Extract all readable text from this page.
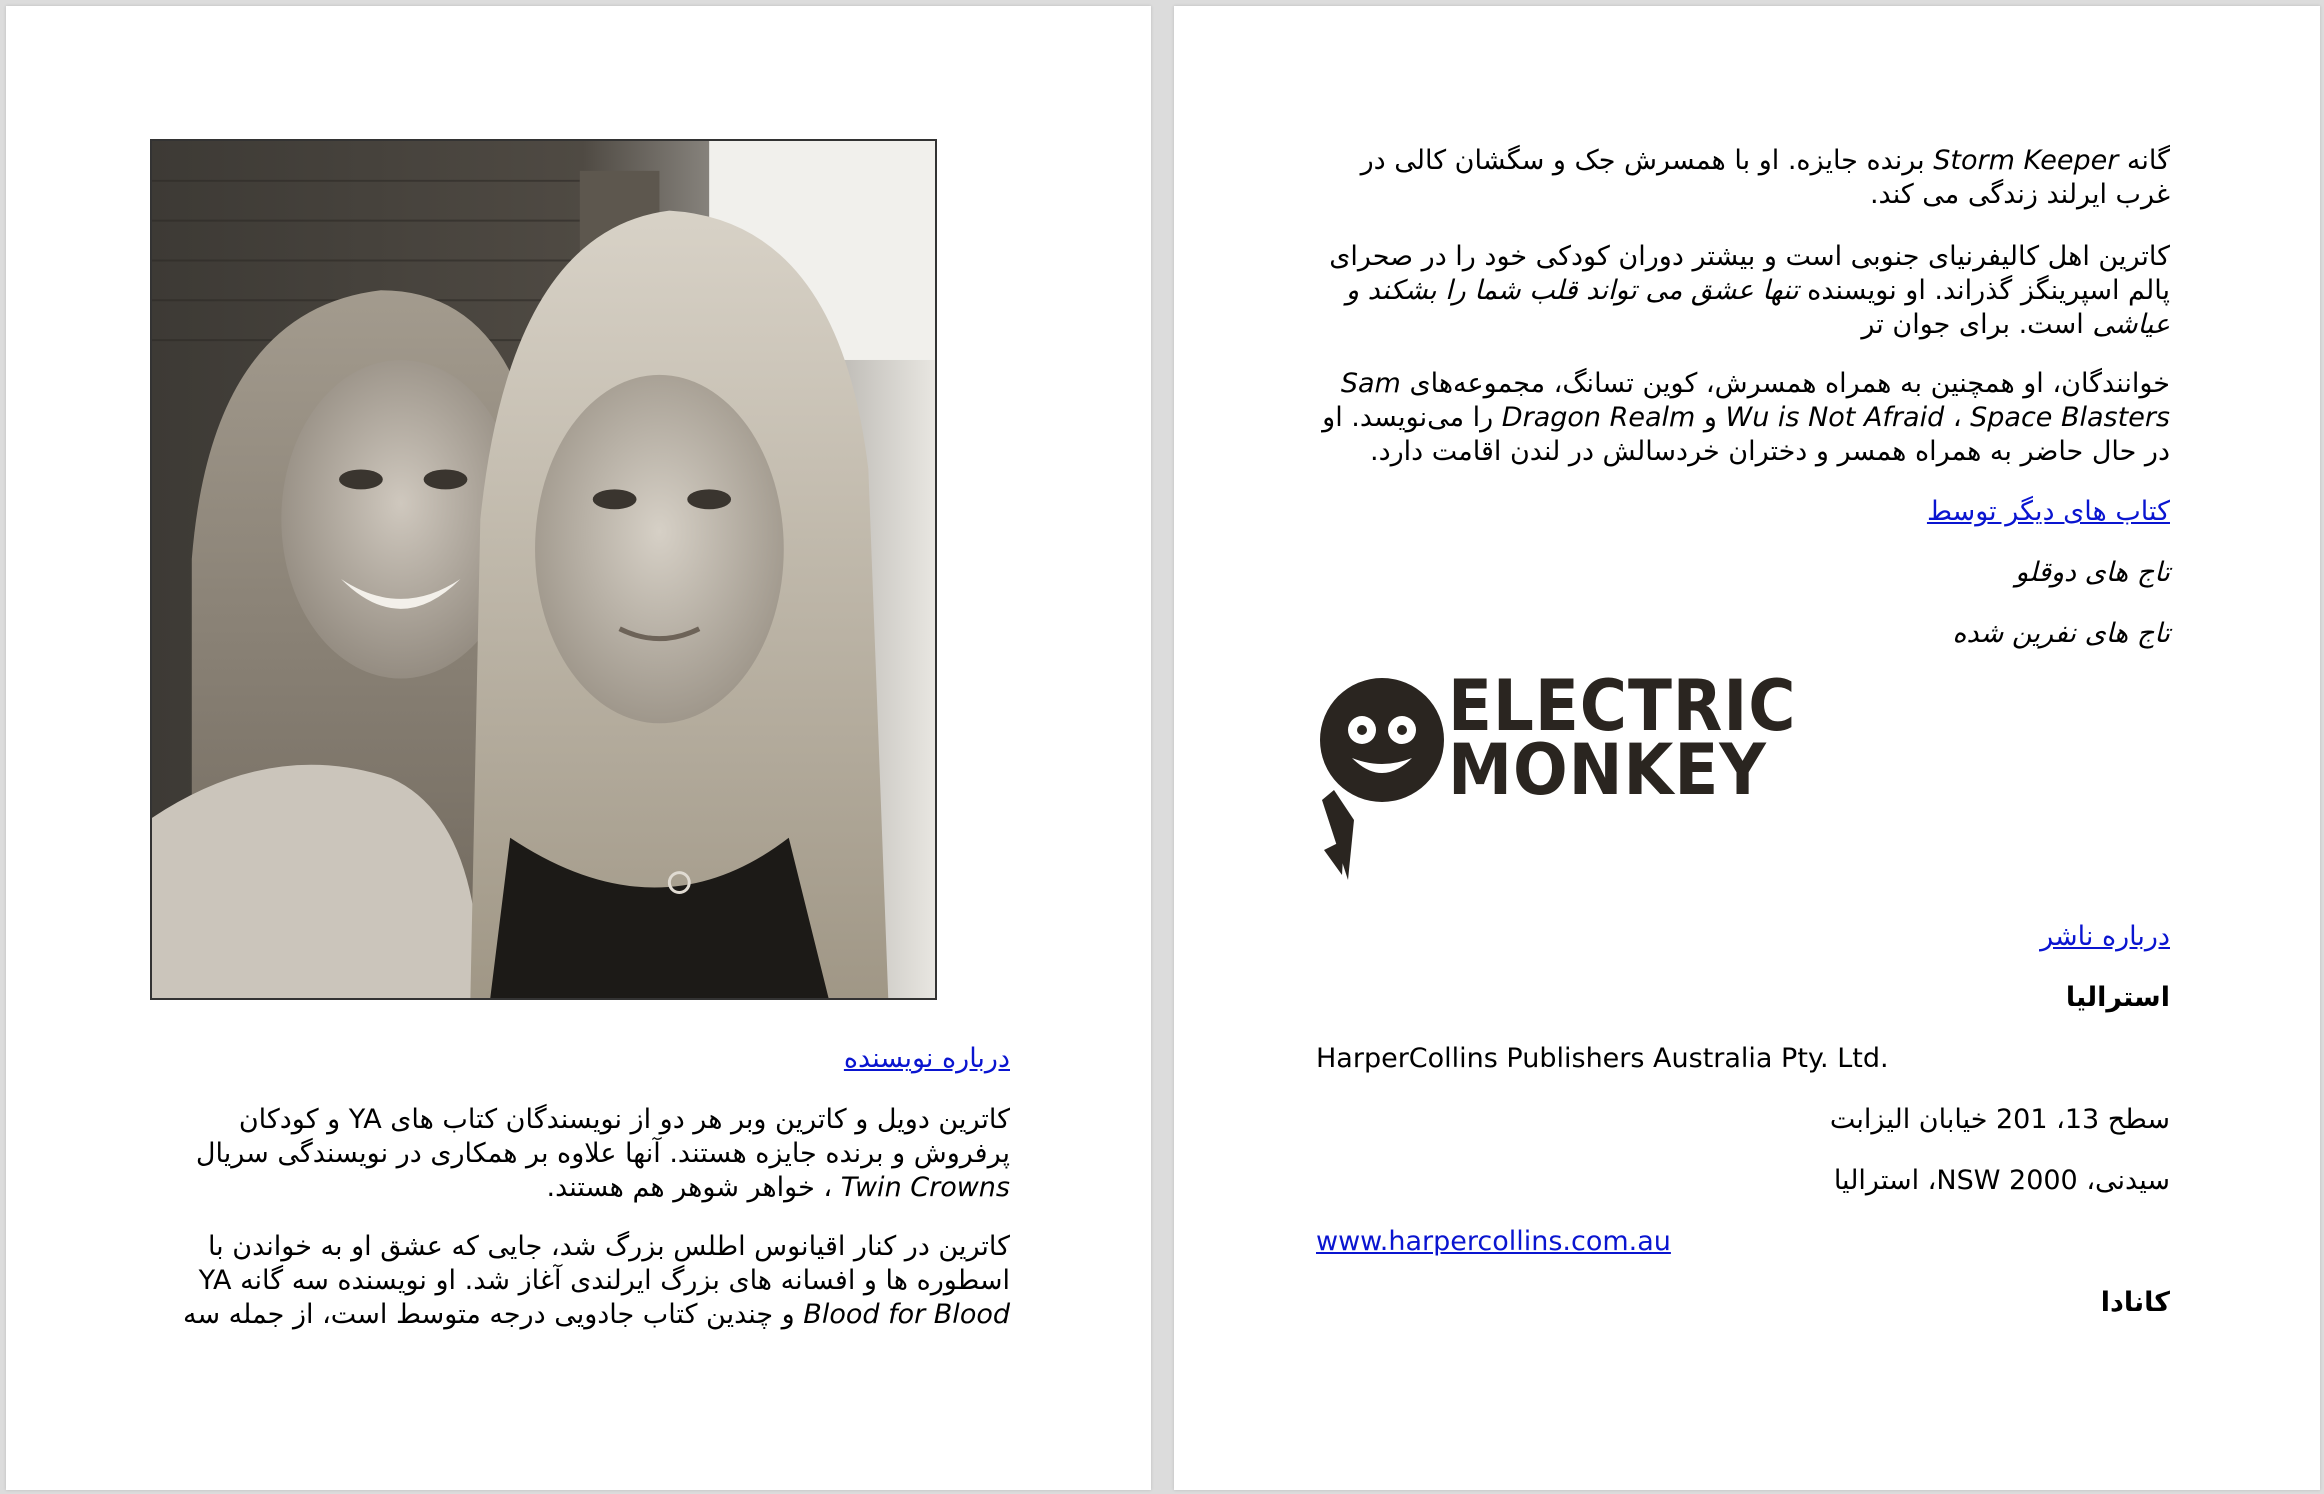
درباره نویسنده

کاترین دویل و کاترین وبر هر دو از نویسندگان کتاب های YA و کودکان پرفروش و برنده جایزه هستند. آنها علاوه بر همکاری در نویسندگی سریال Twin Crowns ، خواهر شوهر هم هستند.

کاترین در کنار اقیانوس اطلس بزرگ شد، جایی که عشق او به خواندن با اسطوره ها و افسانه های بزرگ ایرلندی آغاز شد. او نویسنده سه گانه YA Blood for Blood و چندین کتاب جادویی درجه متوسط است، از جمله سه

گانه Storm Keeper برنده جایزه. او با همسرش جک و سگشان کالی در غرب ایرلند زندگی می کند.

کاترین اهل کالیفرنیای جنوبی است و بیشتر دوران کودکی خود را در صحرای پالم اسپرینگز گذراند. او نویسنده تنها عشق می تواند قلب شما را بشکند و عیاشی است. برای جوان تر

خوانندگان، او همچنین به همراه همسرش، کوین تسانگ، مجموعه‌های Sam Wu is Not Afraid ، Space Blasters و Dragon Realm را می‌نویسد. او در حال حاضر به همراه همسر و دختران خردسالش در لندن اقامت دارد.

کتاب های دیگر توسط

تاج های دوقلو

تاج های نفرین شده

ELECTRIC
MONKEY

درباره ناشر

استرالیا

HarperCollins Publishers Australia Pty. Ltd.

سطح 13، 201 خیابان الیزابت

سیدنی، NSW 2000، استرالیا

www.harpercollins.com.au

کانادا
